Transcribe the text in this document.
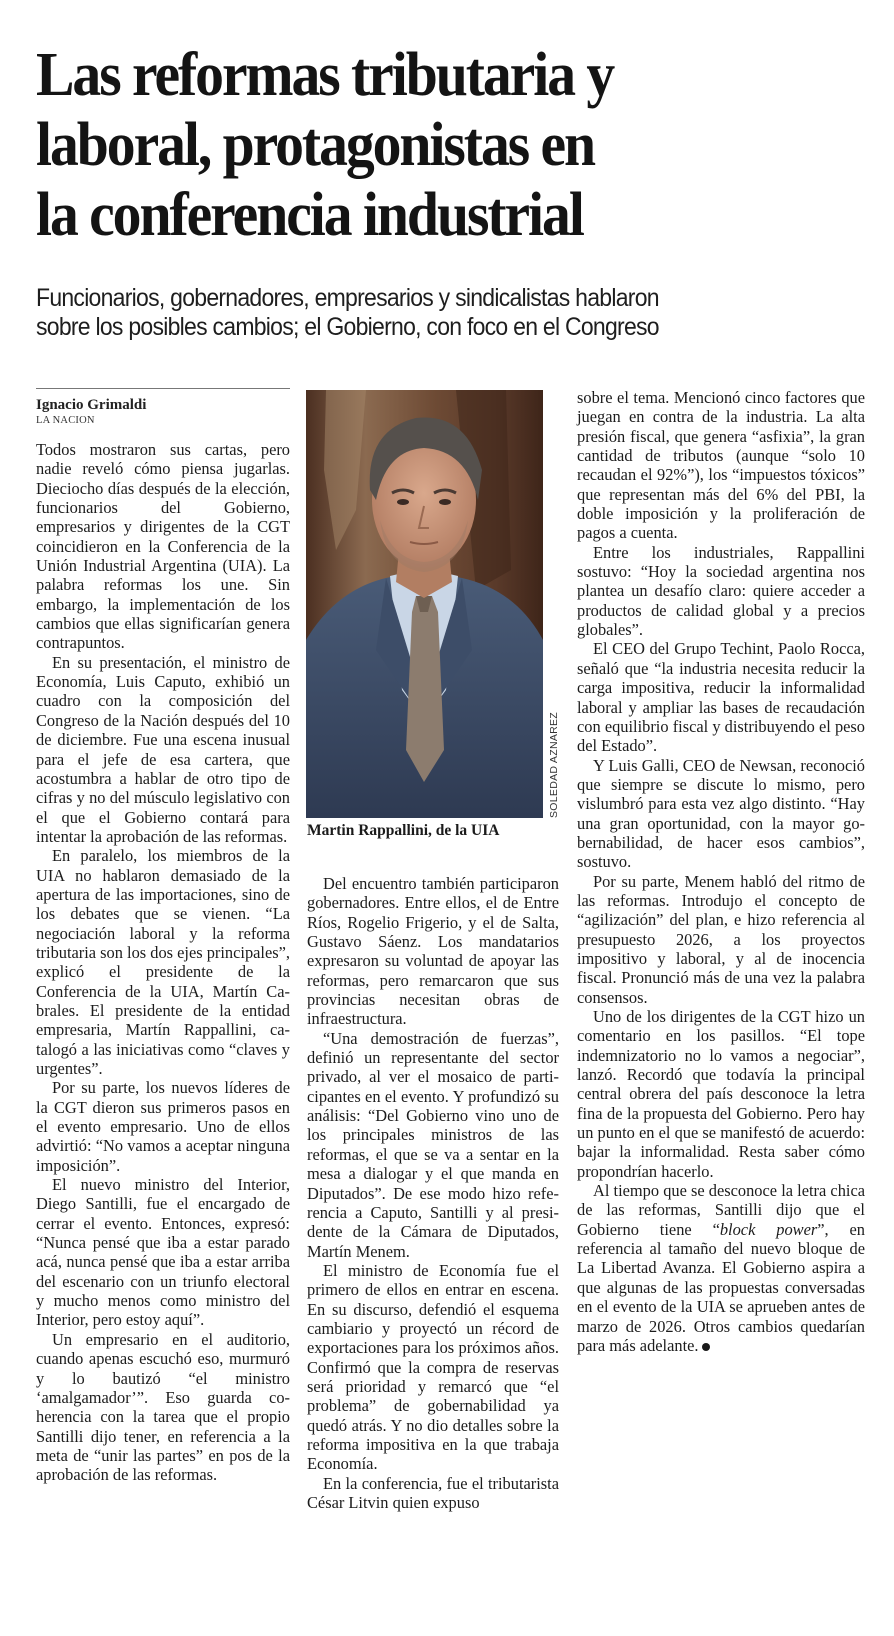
Las reformas tributaria y
laboral, protagonistas en
la conferencia industrial
Funcionarios, gobernadores, empresarios y sindicalistas hablaron
sobre los posibles cambios; el Gobierno, con foco en el Congreso
Ignacio Grimaldi
LA NACION

Todos mostraron sus cartas, pero nadie reveló cómo piensa jugarlas. Dieciocho días después de la elección, funcionarios del Gobierno, empresarios y dirigentes de la CGT coincidieron en la Conferencia de la Unión Industrial Argentina (UIA). La palabra reformas los une. Sin embargo, la implementación de los cambios que ellas significarían genera contrapuntos.

En su presentación, el ministro de Economía, Luis Caputo, exhibió un cuadro con la composición del Congreso de la Nación después del 10 de diciembre. Fue una escena inusual para el jefe de esa cartera, que acostumbra a hablar de otro tipo de cifras y no del músculo legislativo con el que el Gobierno contará para intentar la aprobación de las reformas.

En paralelo, los miembros de la UIA no hablaron demasiado de la apertura de las importaciones, sino de los debates que se vienen. “La negociación laboral y la reforma tributaria son los dos ejes principales”, explicó el presidente de la Conferencia de la UIA, Martín Cabrales. El presidente de la entidad empresaria, Martín Rappallini, catalogó a las iniciativas como “claves y urgentes”.

Por su parte, los nuevos líderes de la CGT dieron sus primeros pasos en el evento empresario. Uno de ellos advirtió: “No vamos a aceptar ninguna imposición”.

El nuevo ministro del Interior, Diego Santilli, fue el encargado de cerrar el evento. Entonces, expresó: “Nunca pensé que iba a estar parado acá, nunca pensé que iba a estar arriba del escenario con un triunfo electoral y mucho menos como ministro del Interior, pero estoy aquí”.

Un empresario en el auditorio, cuando apenas escuchó eso, murmuró y lo bautizó “el ministro ‘amalgamador’”. Eso guarda coherencia con la tarea que el propio Santilli dijo tener, en referencia a la meta de “unir las partes” en pos de la aprobación de las reformas.

SOLEDAD AZNAREZ
Martin Rappallini, de la UIA

Del encuentro también participaron gobernadores. Entre ellos, el de Entre Ríos, Rogelio Frigerio, y el de Salta, Gustavo Sáenz. Los mandatarios expresaron su voluntad de apoyar las reformas, pero remarcaron que sus provincias necesitan obras de infraestructura.

“Una demostración de fuerzas”, definió un representante del sector privado, al ver el mosaico de participantes en el evento. Y profundizó su análisis: “Del Gobierno vino uno de los principales ministros de las reformas, el que se va a sentar en la mesa a dialogar y el que manda en Diputados”. De ese modo hizo referencia a Caputo, Santilli y al presidente de la Cámara de Diputados, Martín Menem.

El ministro de Economía fue el primero de ellos en entrar en escena. En su discurso, defendió el esquema cambiario y proyectó un récord de exportaciones para los próximos años. Confirmó que la compra de reservas será prioridad y remarcó que “el problema” de gobernabilidad ya quedó atrás. Y no dio detalles sobre la reforma impositiva en la que trabaja Economía.

En la conferencia, fue el tributarista César Litvin quien expuso

sobre el tema. Mencionó cinco factores que juegan en contra de la industria. La alta presión fiscal, que genera “asfixia”, la gran cantidad de tributos (aunque “solo 10 recaudan el 92%”), los “impuestos tóxicos” que representan más del 6% del PBI, la doble imposición y la proliferación de pagos a cuenta.

Entre los industriales, Rappallini sostuvo: “Hoy la sociedad argentina nos plantea un desafío claro: quiere acceder a productos de calidad global y a precios globales”.

El CEO del Grupo Techint, Paolo Rocca, señaló que “la industria necesita reducir la carga impositiva, reducir la informalidad laboral y ampliar las bases de recaudación con equilibrio fiscal y distribuyendo el peso del Estado”.

Y Luis Galli, CEO de Newsan, reconoció que siempre se discute lo mismo, pero vislumbró para esta vez algo distinto. “Hay una gran oportunidad, con la mayor gobernabilidad, de hacer esos cambios”, sostuvo.

Por su parte, Menem habló del ritmo de las reformas. Introdujo el concepto de “agilización” del plan, e hizo referencia al presupuesto 2026, a los proyectos impositivo y laboral, y al de inocencia fiscal. Pronunció más de una vez la palabra consensos.

Uno de los dirigentes de la CGT hizo un comentario en los pasillos. “El tope indemnizatorio no lo vamos a negociar”, lanzó. Recordó que todavía la principal central obrera del país desconoce la letra fina de la propuesta del Gobierno. Pero hay un punto en el que se manifestó de acuerdo: bajar la informalidad. Resta saber cómo propondrían hacerlo.

Al tiempo que se desconoce la letra chica de las reformas, Santilli dijo que el Gobierno tiene “block power”, en referencia al tamaño del nuevo bloque de La Libertad Avanza. El Gobierno aspira a que algunas de las propuestas conversadas en el evento de la UIA se aprueben antes de marzo de 2026. Otros cambios quedarían para más adelante.
